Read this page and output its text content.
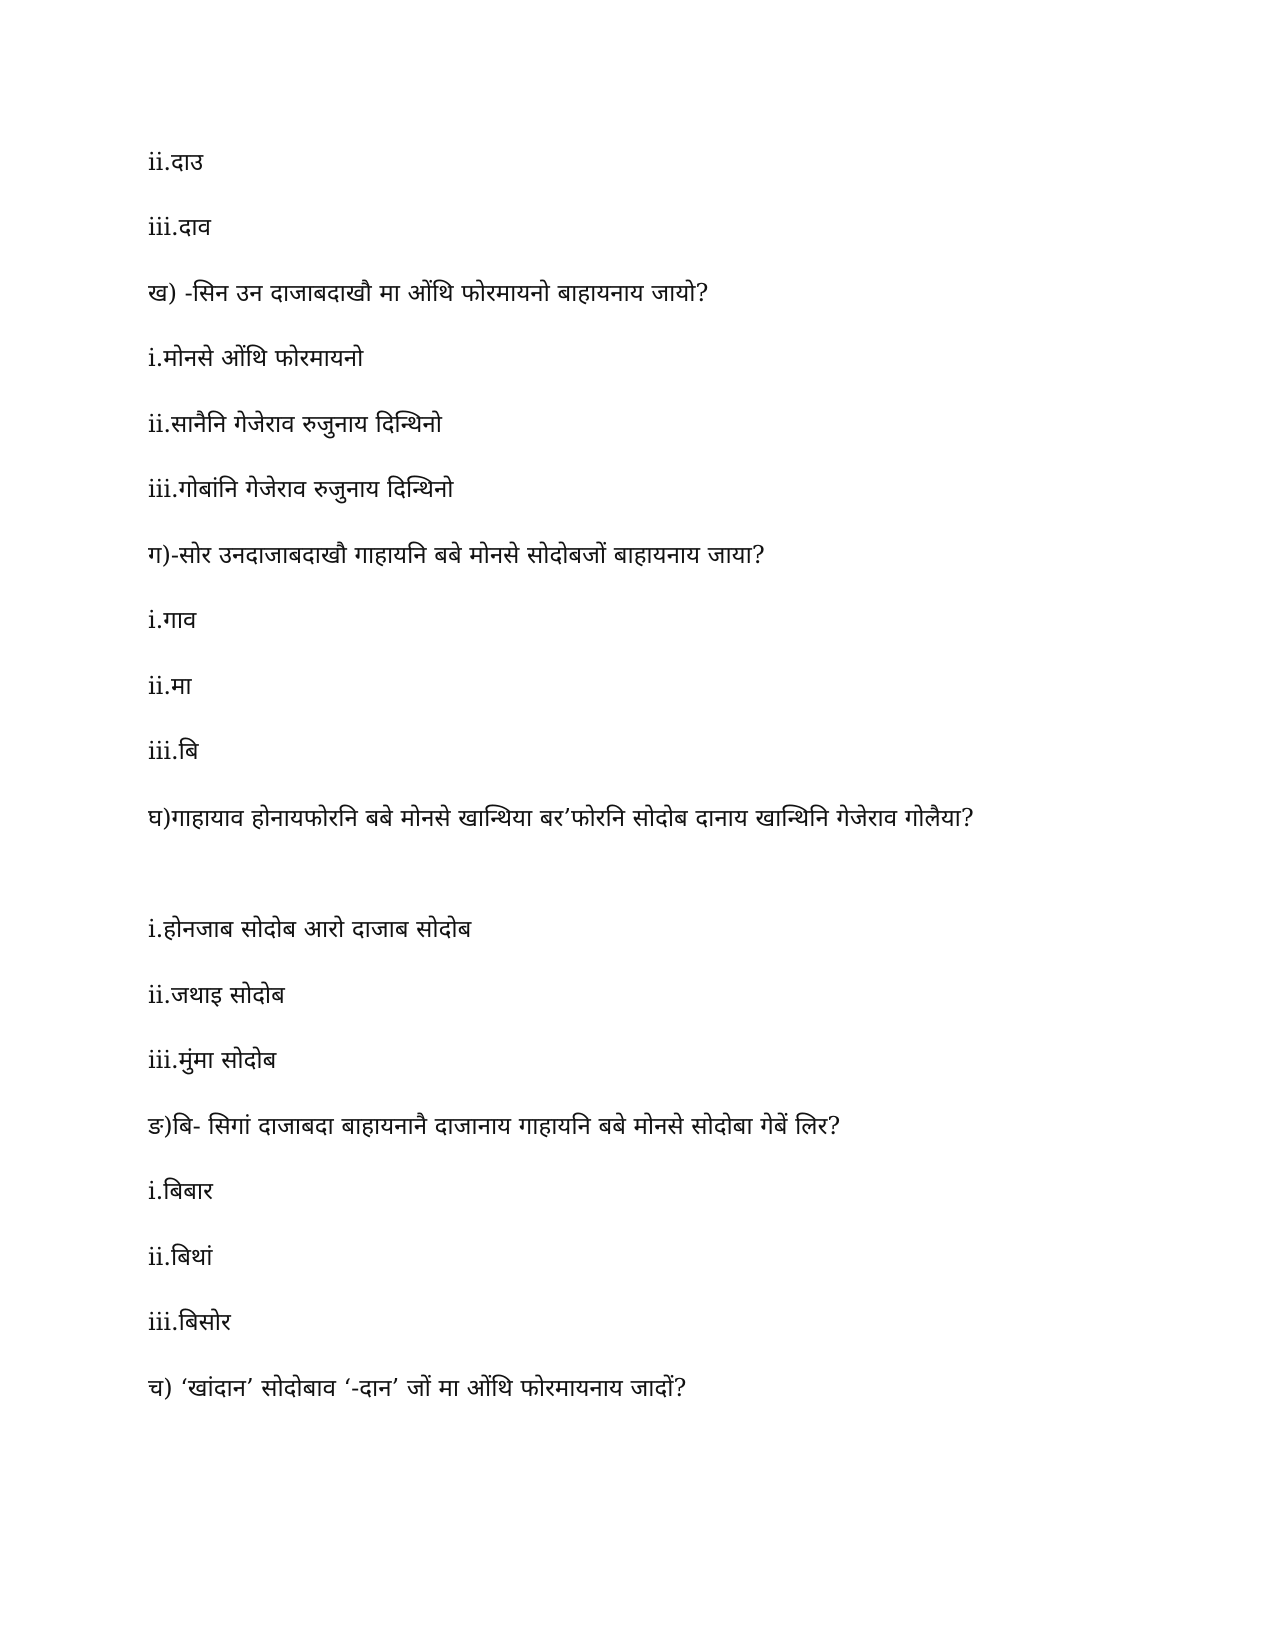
ii.दाउ
iii.दाव
ख) -सिन उन दाजाबदाखौ मा ओंथि फोरमायनो बाहायनाय जायो?
i.मोनसे ओंथि फोरमायनो
ii.सानैनि गेजेराव रुजुनाय दिन्थिनो
iii.गोबांनि गेजेराव रुजुनाय दिन्थिनो
ग)-सोर उनदाजाबदाखौ गाहायनि बबे मोनसे सोदोबजों बाहायनाय जाया?
i.गाव
ii.मा
iii.बि
घ)गाहायाव होनायफोरनि बबे मोनसे खान्थिया बर’फोरनि सोदोब दानाय खान्थिनि गेजेराव गोलैया?
i.होनजाब सोदोब आरो दाजाब सोदोब
ii.जथाइ सोदोब
iii.मुंमा सोदोब
ङ)बि- सिगां दाजाबदा बाहायनानै दाजानाय गाहायनि बबे मोनसे सोदोबा गेबें लिर?
i.बिबार
ii.बिथां
iii.बिसोर
च) ‘खांदान’ सोदोबाव ‘-दान’ जों मा ओंथि फोरमायनाय जादों?
